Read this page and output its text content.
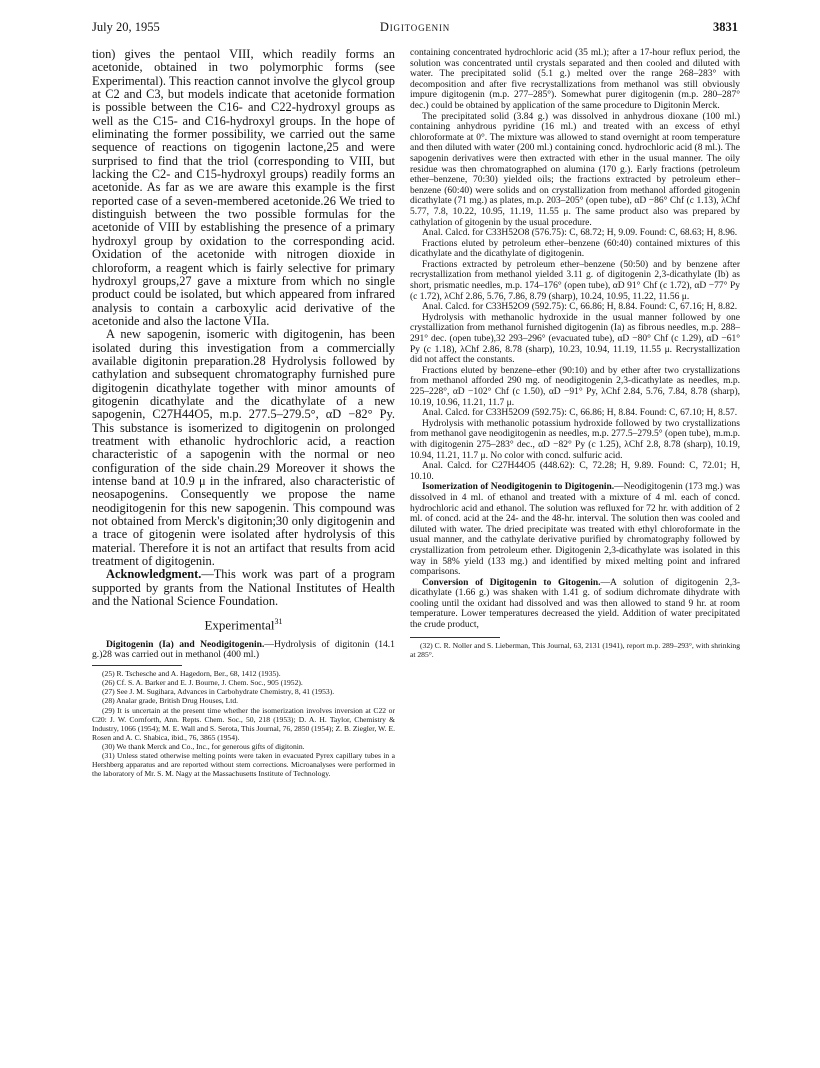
July 20, 1955	Digitogenin	3831

tion) gives the pentaol VIII, which readily forms an acetonide, obtained in two polymorphic forms (see Experimental). This reaction cannot involve the glycol group at C2 and C3, but models indicate that acetonide formation is possible between the C16- and C22-hydroxyl groups as well as the C15- and C16-hydroxyl groups. In the hope of eliminating the former possibility, we carried out the same sequence of reactions on tigogenin lactone,25 and were surprised to find that the triol (corresponding to VIII, but lacking the C2- and C15-hydroxyl groups) readily forms an acetonide. As far as we are aware this example is the first reported case of a seven-membered acetonide.26 We tried to distinguish between the two possible formulas for the acetonide of VIII by establishing the presence of a primary hydroxyl group by oxidation to the corresponding acid. Oxidation of the acetonide with nitrogen dioxide in chloroform, a reagent which is fairly selective for primary hydroxyl groups,27 gave a mixture from which no single product could be isolated, but which appeared from infrared analysis to contain a carboxylic acid derivative of the acetonide and also the lactone VIIa.

A new sapogenin, isomeric with digitogenin, has been isolated during this investigation from a commercially available digitonin preparation.28 Hydrolysis followed by cathylation and subsequent chromatography furnished pure digitogenin dicathylate together with minor amounts of gitogenin dicathylate and the dicathylate of a new sapogenin, C27H44O5, m.p. 277.5–279.5°, αD −82° Py. This substance is isomerized to digitogenin on prolonged treatment with ethanolic hydrochloric acid, a reaction characteristic of a sapogenin with the normal or neo configuration of the side chain.29 Moreover it shows the intense band at 10.9 μ in the infrared, also characteristic of neosapogenins. Consequently we propose the name neodigitogenin for this new sapogenin. This compound was not obtained from Merck's digitonin;30 only digitogenin and a trace of gitogenin were isolated after hydrolysis of this material. Therefore it is not an artifact that results from acid treatment of digitogenin.

Acknowledgment.—This work was part of a program supported by grants from the National Institutes of Health and the National Science Foundation.

Experimental$^{31}$

Digitogenin (Ia) and Neodigitogenin.—Hydrolysis of digitonin (14.1 g.)28 was carried out in methanol (400 ml.)

(25) R. Tschesche and A. Hagedorn, Ber., 68, 1412 (1935).
(26) Cf. S. A. Barker and E. J. Bourne, J. Chem. Soc., 905 (1952).
(27) See J. M. Sugihara, Advances in Carbohydrate Chemistry, 8, 41 (1953).
(28) Analar grade, British Drug Houses, Ltd.
(29) It is uncertain at the present time whether the isomerization involves inversion at C22 or C20: J. W. Cornforth, Ann. Repts. Chem. Soc., 50, 218 (1953); D. A. H. Taylor, Chemistry & Industry, 1066 (1954); M. E. Wall and S. Serota, This Journal, 76, 2850 (1954); Z. B. Ziegler, W. E. Rosen and A. C. Shabica, ibid., 76, 3865 (1954).
(30) We thank Merck and Co., Inc., for generous gifts of digitonin.
(31) Unless stated otherwise melting points were taken in evacuated Pyrex capillary tubes in a Hershberg apparatus and are reported without stem corrections. Microanalyses were performed in the laboratory of Mr. S. M. Nagy at the Massachusetts Institute of Technology.

containing concentrated hydrochloric acid (35 ml.); after a 17-hour reflux period, the solution was concentrated until crystals separated and then cooled and diluted with water. The precipitated solid (5.1 g.) melted over the range 268–283° with decomposition and after five recrystallizations from methanol was still obviously impure digitogenin (m.p. 277–285°). Somewhat purer digitogenin (m.p. 280–287° dec.) could be obtained by application of the same procedure to Digitonin Merck.

The precipitated solid (3.84 g.) was dissolved in anhydrous dioxane (100 ml.) containing anhydrous pyridine (16 ml.) and treated with an excess of ethyl chloroformate at 0°. The mixture was allowed to stand overnight at room temperature and then diluted with water (200 ml.) containing concd. hydrochloric acid (8 ml.). The sapogenin derivatives were then extracted with ether in the usual manner. The oily residue was then chromatographed on alumina (170 g.). Early fractions (petroleum ether–benzene, 70:30) yielded oils; the fractions extracted by petroleum ether–benzene (60:40) were solids and on crystallization from methanol afforded gitogenin dicathylate (71 mg.) as plates, m.p. 203–205° (open tube), αD −86° Chf (c 1.13), λChf 5.77, 7.8, 10.22, 10.95, 11.19, 11.55 μ. The same product also was prepared by cathylation of gitogenin by the usual procedure.

Anal. Calcd. for C33H52O8 (576.75): C, 68.72; H, 9.09. Found: C, 68.63; H, 8.96.

Fractions eluted by petroleum ether–benzene (60:40) contained mixtures of this dicathylate and the dicathylate of digitogenin.

Fractions extracted by petroleum ether–benzene (50:50) and by benzene after recrystallization from methanol yielded 3.11 g. of digitogenin 2,3-dicathylate (Ib) as short, prismatic needles, m.p. 174–176° (open tube), αD 91° Chf (c 1.72), αD −77° Py (c 1.72), λChf 2.86, 5.76, 7.86, 8.79 (sharp), 10.24, 10.95, 11.22, 11.56 μ.

Anal. Calcd. for C33H52O9 (592.75): C, 66.86; H, 8.84. Found: C, 67.16; H, 8.82.

Hydrolysis with methanolic hydroxide in the usual manner followed by one crystallization from methanol furnished digitogenin (Ia) as fibrous needles, m.p. 288–291° dec. (open tube),32 293–296° (evacuated tube), αD −80° Chf (c 1.29), αD −61° Py (c 1.18), λChf 2.86, 8.78 (sharp), 10.23, 10.94, 11.19, 11.55 μ. Recrystallization did not affect the constants.

Fractions eluted by benzene–ether (90:10) and by ether after two crystallizations from methanol afforded 290 mg. of neodigitogenin 2,3-dicathylate as needles, m.p. 225–228°, αD −102° Chf (c 1.50), αD −91° Py, λChf 2.84, 5.76, 7.84, 8.78 (sharp), 10.19, 10.96, 11.21, 11.7 μ.

Anal. Calcd. for C33H52O9 (592.75): C, 66.86; H, 8.84. Found: C, 67.10; H, 8.57.

Hydrolysis with methanolic potassium hydroxide followed by two crystallizations from methanol gave neodigitogenin as needles, m.p. 277.5–279.5° (open tube), m.m.p. with digitogenin 275–283° dec., αD −82° Py (c 1.25), λChf 2.8, 8.78 (sharp), 10.19, 10.94, 11.21, 11.7 μ. No color with concd. sulfuric acid.

Anal. Calcd. for C27H44O5 (448.62): C, 72.28; H, 9.89. Found: C, 72.01; H, 10.10.

Isomerization of Neodigitogenin to Digitogenin.—Neodigitogenin (173 mg.) was dissolved in 4 ml. of ethanol and treated with a mixture of 4 ml. each of concd. hydrochloric acid and ethanol. The solution was refluxed for 72 hr. with addition of 2 ml. of concd. acid at the 24- and the 48-hr. interval. The solution then was cooled and diluted with water. The dried precipitate was treated with ethyl chloroformate in the usual manner, and the cathylate derivative purified by chromatography followed by crystallization from petroleum ether. Digitogenin 2,3-dicathylate was isolated in this way in 58% yield (133 mg.) and identified by mixed melting point and infrared comparisons.

Conversion of Digitogenin to Gitogenin.—A solution of digitogenin 2,3-dicathylate (1.66 g.) was shaken with 1.41 g. of sodium dichromate dihydrate with cooling until the oxidant had dissolved and was then allowed to stand 9 hr. at room temperature. Lower temperatures decreased the yield. Addition of water precipitated the crude product,

(32) C. R. Noller and S. Lieberman, This Journal, 63, 2131 (1941), report m.p. 289–293°, with shrinking at 285°.
